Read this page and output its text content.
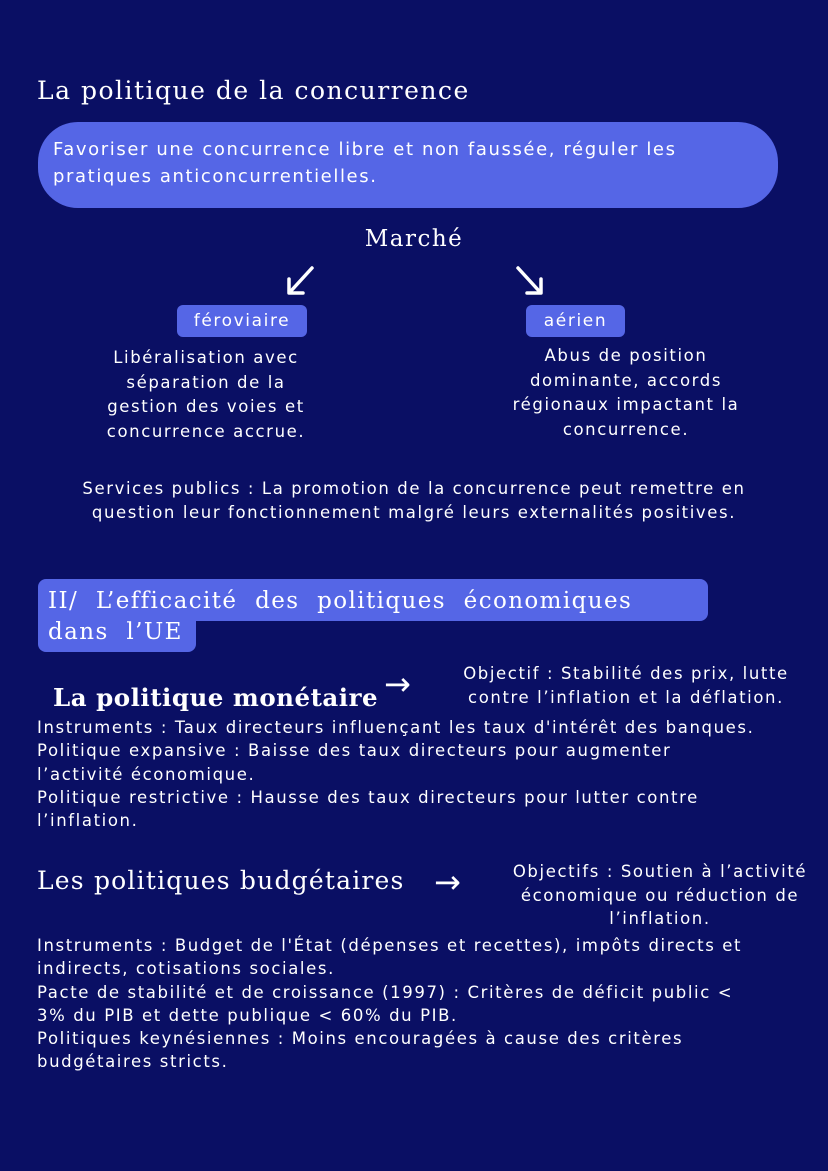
La politique de la concurrence
Favoriser une concurrence libre et non faussée, réguler les
pratiques anticoncurrentielles.
Marché
féroviaire	aérien
Libéralisation avec
séparation de la
gestion des voies et
concurrence accrue.
Abus de position
dominante, accords
régionaux impactant la
concurrence.
Services publics : La promotion de la concurrence peut remettre en
question leur fonctionnement malgré leurs externalités positives.
II/ L’efficacité des politiques économiques
dans l’UE
La politique monétaire →	Objectif : Stabilité des prix, lutte
contre l’inflation et la déflation.
Instruments : Taux directeurs influençant les taux d'intérêt des banques.
Politique expansive : Baisse des taux directeurs pour augmenter
l’activité économique.
Politique restrictive : Hausse des taux directeurs pour lutter contre
l’inflation.
Les politiques budgétaires →	Objectifs : Soutien à l’activité
économique ou réduction de
l’inflation.
Instruments : Budget de l'État (dépenses et recettes), impôts directs et
indirects, cotisations sociales.
Pacte de stabilité et de croissance (1997) : Critères de déficit public <
3% du PIB et dette publique < 60% du PIB.
Politiques keynésiennes : Moins encouragées à cause des critères
budgétaires stricts.
